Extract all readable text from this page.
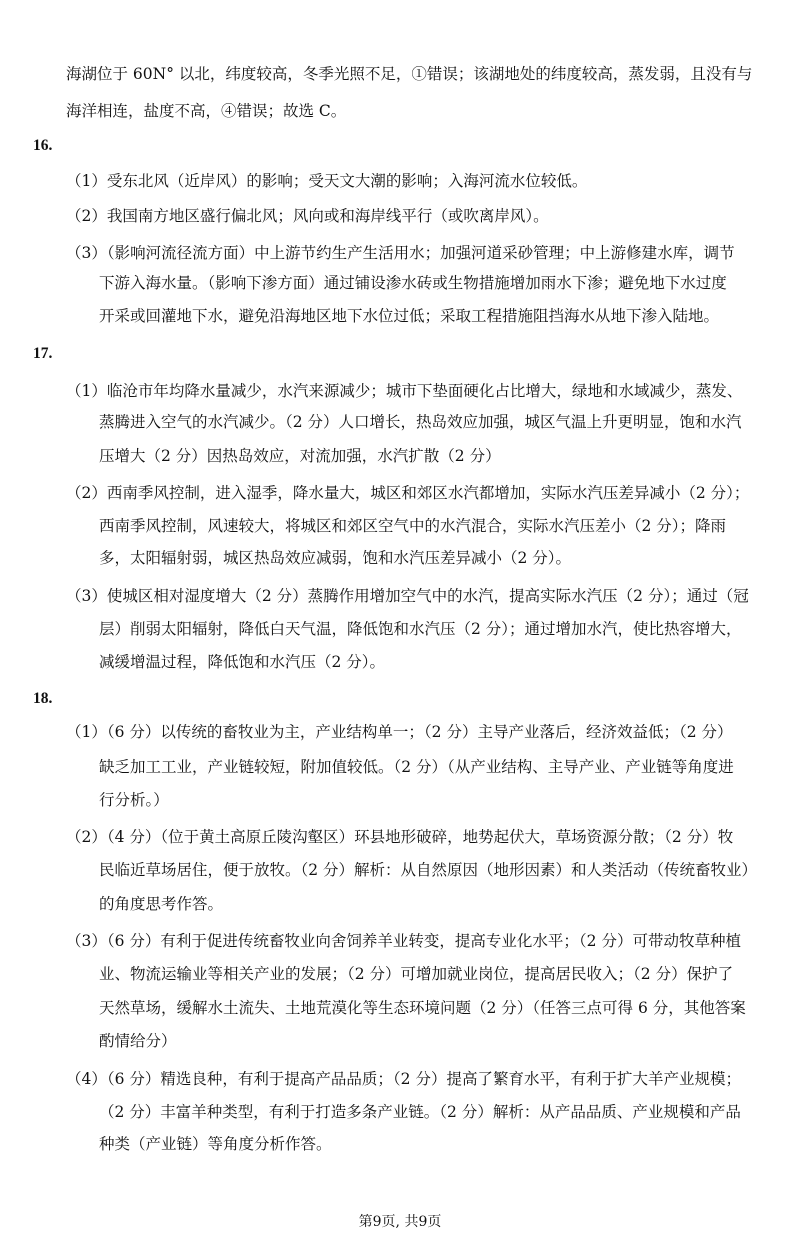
海湖位于 60N° 以北，纬度较高，冬季光照不足，①错误；该湖地处的纬度较高，蒸发弱，且没有与
海洋相连，盐度不高，④错误；故选 C。
16.
（1）受东北风（近岸风）的影响；受天文大潮的影响；入海河流水位较低。
（2）我国南方地区盛行偏北风；风向或和海岸线平行（或吹离岸风）。
（3）（影响河流径流方面）中上游节约生产生活用水；加强河道采砂管理；中上游修建水库，调节
下游入海水量。（影响下渗方面）通过铺设渗水砖或生物措施增加雨水下渗；避免地下水过度
开采或回灌地下水，避免沿海地区地下水位过低；采取工程措施阻挡海水从地下渗入陆地。
17.
（1）临沧市年均降水量减少，水汽来源减少；城市下垫面硬化占比增大，绿地和水域减少，蒸发、
蒸腾进入空气的水汽减少。（2 分）人口增长，热岛效应加强，城区气温上升更明显，饱和水汽
压增大（2 分）因热岛效应，对流加强，水汽扩散（2 分）
（2）西南季风控制，进入湿季，降水量大，城区和郊区水汽都增加，实际水汽压差异减小（2 分）；
西南季风控制，风速较大，将城区和郊区空气中的水汽混合，实际水汽压差小（2 分）；降雨
多，太阳辐射弱，城区热岛效应减弱，饱和水汽压差异减小（2 分）。
（3）使城区相对湿度增大（2 分）蒸腾作用增加空气中的水汽，提高实际水汽压（2 分）；通过（冠
层）削弱太阳辐射，降低白天气温，降低饱和水汽压（2 分）；通过增加水汽，使比热容增大，
减缓增温过程，降低饱和水汽压（2 分）。
18.
（1）（6 分）以传统的畜牧业为主，产业结构单一；（2 分）主导产业落后，经济效益低；（2 分）
缺乏加工工业，产业链较短，附加值较低。（2 分）（从产业结构、主导产业、产业链等角度进
行分析。）
（2）（4 分）（位于黄土高原丘陵沟壑区）环县地形破碎，地势起伏大，草场资源分散；（2 分）牧
民临近草场居住，便于放牧。（2 分）解析：从自然原因（地形因素）和人类活动（传统畜牧业）
的角度思考作答。
（3）（6 分）有利于促进传统畜牧业向舍饲养羊业转变，提高专业化水平；（2 分）可带动牧草种植
业、物流运输业等相关产业的发展；（2 分）可增加就业岗位，提高居民收入；（2 分）保护了
天然草场，缓解水土流失、土地荒漠化等生态环境问题（2 分）（任答三点可得 6 分，其他答案
酌情给分）
（4）（6 分）精选良种，有利于提高产品品质；（2 分）提高了繁育水平，有利于扩大羊产业规模；
（2 分）丰富羊种类型，有利于打造多条产业链。（2 分）解析：从产品品质、产业规模和产品
种类（产业链）等角度分析作答。
第9页, 共9页
